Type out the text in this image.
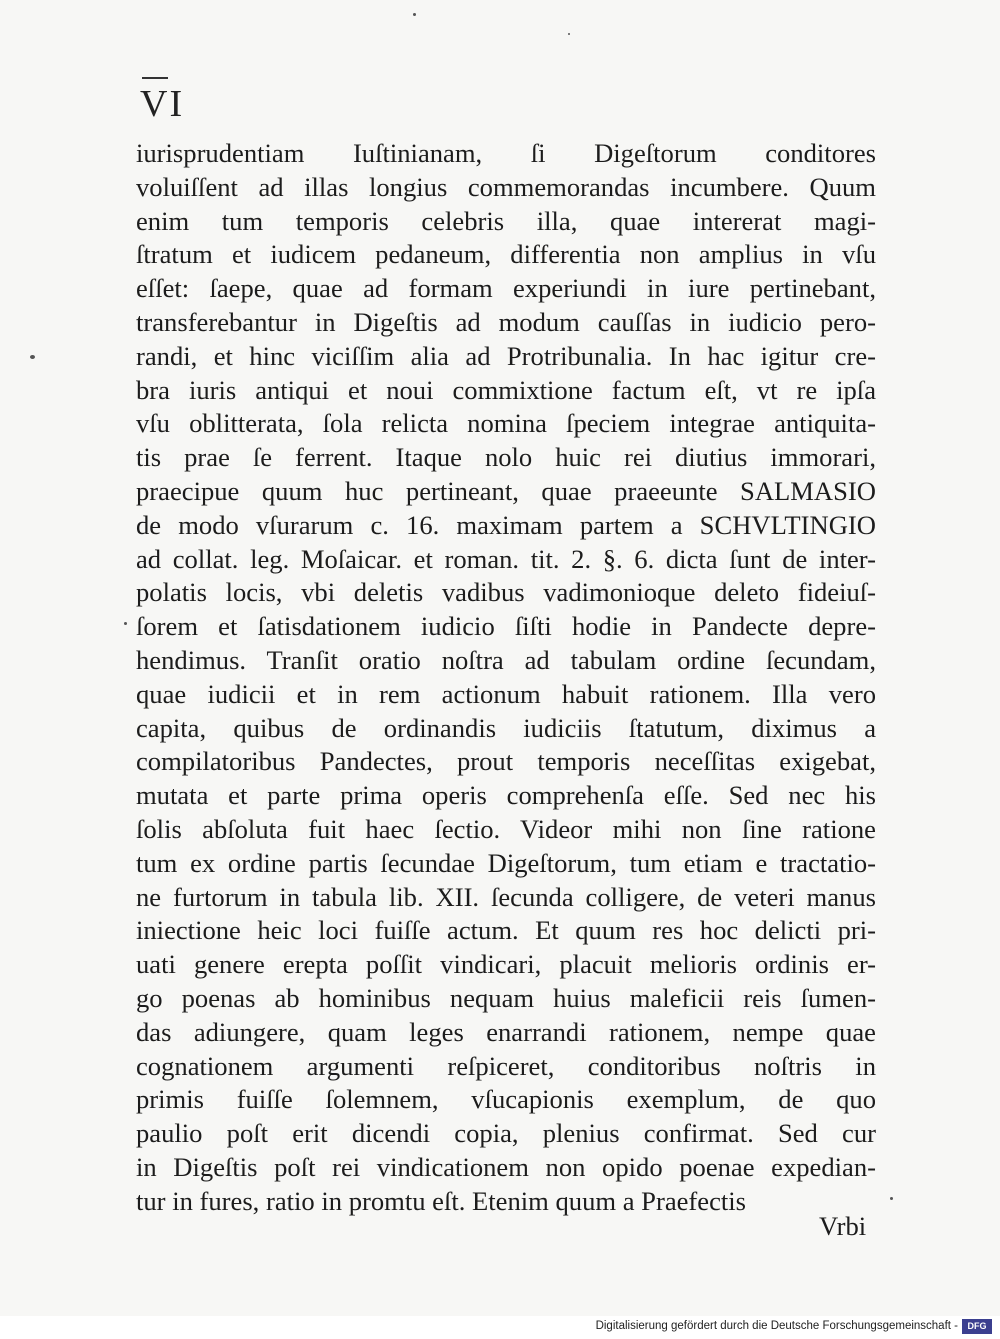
VI
iurisprudentiam Iuſtinianam, ſi Digeſtorum conditores
voluiſſent ad illas longius commemorandas incumbere. Quum
enim tum temporis celebris illa, quae intererat magi-
ſtratum et iudicem pedaneum, differentia non amplius in vſu
eſſet: ſaepe, quae ad formam experiundi in iure pertinebant,
transferebantur in Digeſtis ad modum cauſſas in iudicio pero-
randi, et hinc viciſſim alia ad Protribunalia. In hac igitur cre-
bra iuris antiqui et noui commixtione factum eſt, vt re ipſa
vſu oblitterata, ſola relicta nomina ſpeciem integrae antiquita-
tis prae ſe ferrent. Itaque nolo huic rei diutius immorari,
praecipue quum huc pertineant, quae praeeunte SALMASIO
de modo vſurarum c. 16. maximam partem a SCHVLTINGIO
ad collat. leg. Moſaicar. et roman. tit. 2. §. 6. dicta ſunt de inter-
polatis locis, vbi deletis vadibus vadimonioque deleto fideiuſ-
ſorem et ſatisdationem iudicio ſiſti hodie in Pandecte depre-
hendimus. Tranſit oratio noſtra ad tabulam ordine ſecundam,
quae iudicii et in rem actionum habuit rationem. Illa vero
capita, quibus de ordinandis iudiciis ſtatutum, diximus a
compilatoribus Pandectes, prout temporis neceſſitas exigebat,
mutata et parte prima operis comprehenſa eſſe. Sed nec his
ſolis abſoluta fuit haec ſectio. Videor mihi non ſine ratione
tum ex ordine partis ſecundae Digeſtorum, tum etiam e tractatio-
ne furtorum in tabula lib. XII. ſecunda colligere, de veteri manus
iniectione heic loci fuiſſe actum. Et quum res hoc delicti pri-
uati genere erepta poſſit vindicari, placuit melioris ordinis er-
go poenas ab hominibus nequam huius maleficii reis ſumen-
das adiungere, quam leges enarrandi rationem, nempe quae
cognationem argumenti reſpiceret, conditoribus noſtris in
primis fuiſſe ſolemnem, vſucapionis exemplum, de quo
paulio poſt erit dicendi copia, plenius confirmat. Sed cur
in Digeſtis poſt rei vindicationem non opido poenae expedian-
tur in fures, ratio in promtu eſt. Etenim quum a Praefectis
Vrbi
Digitalisierung gefördert durch die Deutsche Forschungsgemeinschaft -	DFG
